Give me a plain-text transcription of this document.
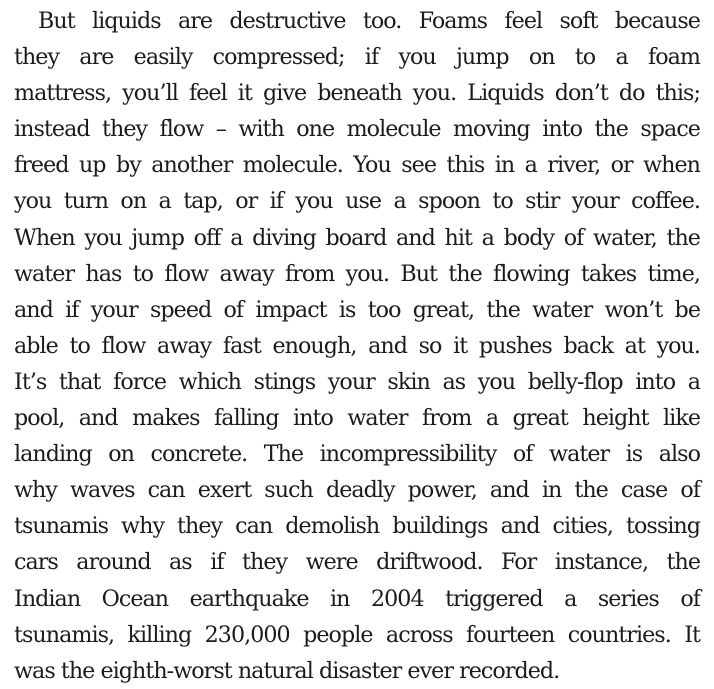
But liquids are destructive too. Foams feel soft because
they are easily compressed; if you jump on to a foam
mattress, you’ll feel it give beneath you. Liquids don’t do this;
instead they flow – with one molecule moving into the space
freed up by another molecule. You see this in a river, or when
you turn on a tap, or if you use a spoon to stir your coffee.
When you jump off a diving board and hit a body of water, the
water has to flow away from you. But the flowing takes time,
and if your speed of impact is too great, the water won’t be
able to flow away fast enough, and so it pushes back at you.
It’s that force which stings your skin as you belly-flop into a
pool, and makes falling into water from a great height like
landing on concrete. The incompressibility of water is also
why waves can exert such deadly power, and in the case of
tsunamis why they can demolish buildings and cities, tossing
cars around as if they were driftwood. For instance, the
Indian Ocean earthquake in 2004 triggered a series of
tsunamis, killing 230,000 people across fourteen countries. It
was the eighth-worst natural disaster ever recorded.
